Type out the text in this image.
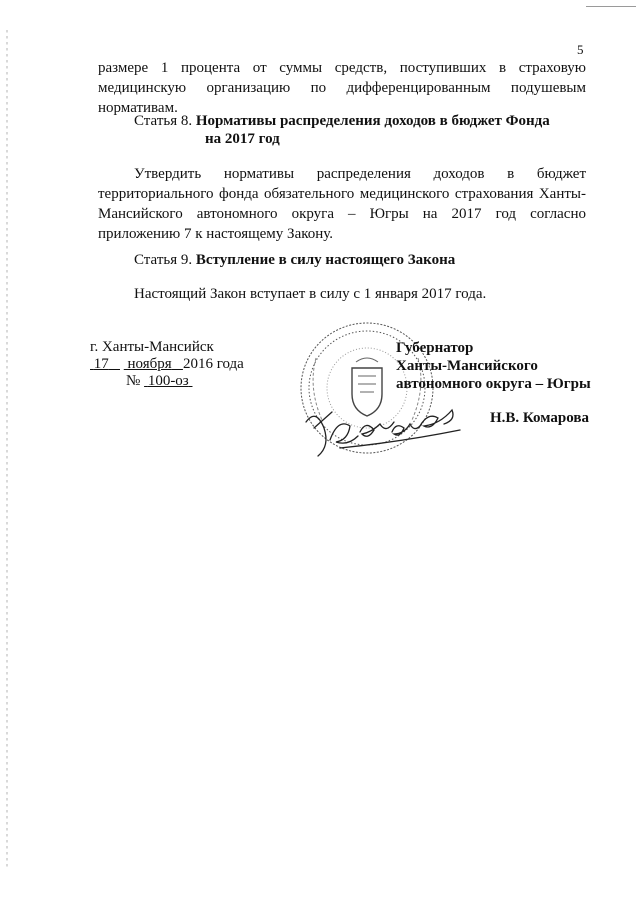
5
размере 1 процента от суммы средств, поступивших в страховую медицинскую организацию по дифференцированным подушевым нормативам.
Статья 8. Нормативы распределения доходов в бюджет Фонда
на 2017 год
Утвердить нормативы распределения доходов в бюджет территориального фонда обязательного медицинского страхования Ханты-Мансийского автономного округа – Югры на 2017 год согласно приложению 7 к настоящему Закону.
Статья 9. Вступление в силу настоящего Закона
Настоящий Закон вступает в силу с 1 января 2017 года.
г. Ханты-Мансийск
17 ноября 2016 года
№ 100-оз
Губернатор
Ханты-Мансийского
автономного округа – Югры
Н.В. Комарова
